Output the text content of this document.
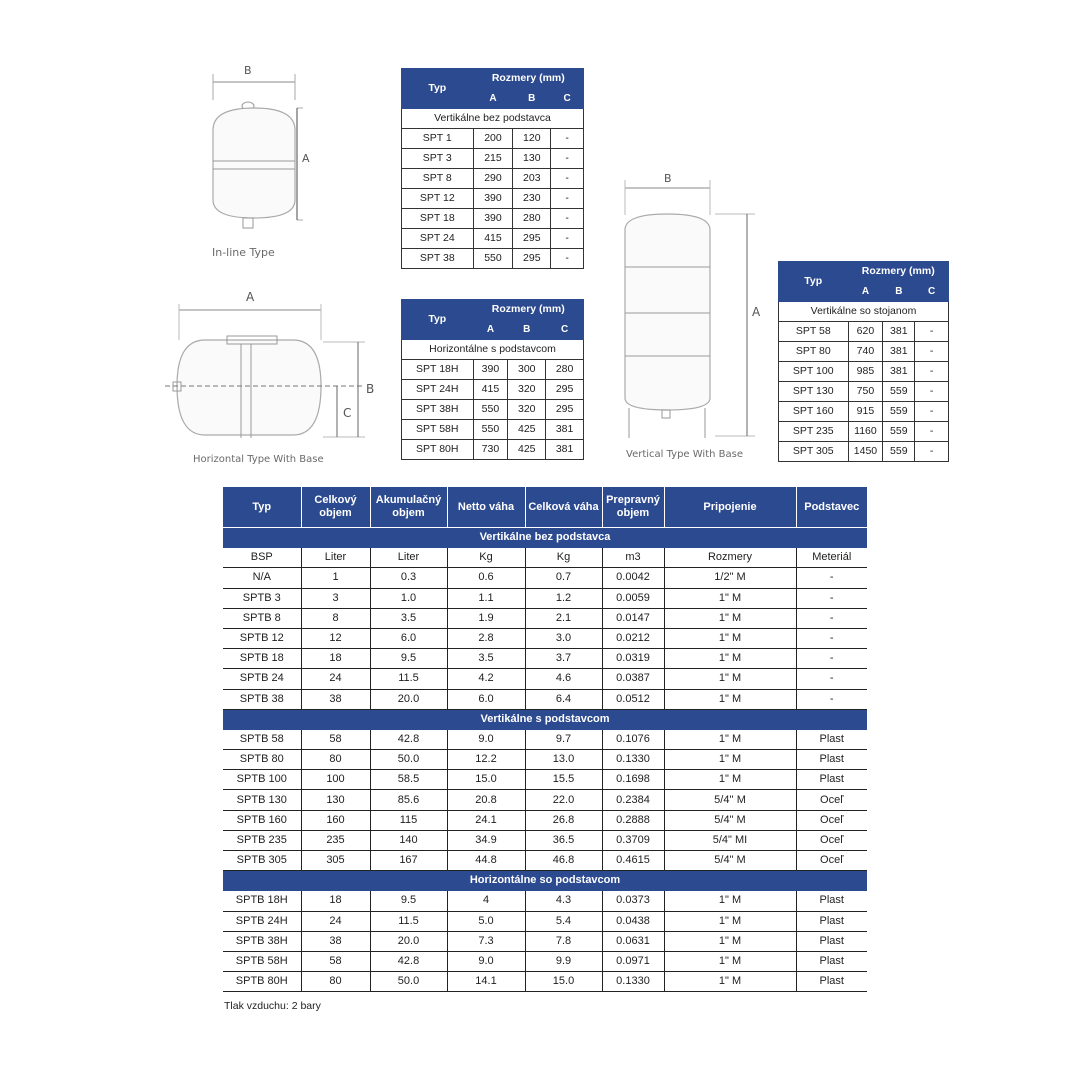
B
A
In-line Type
A
B
C
Horizontal Type With Base
B
A
Vertical Type With Base
Typ	Rozmery (mm)		
	A	B	C
Vertikálne bez podstavca			
SPT 1	200	120	-
SPT 3	215	130	-
SPT 8	290	203	-
SPT 12	390	230	-
SPT 18	390	280	-
SPT 24	415	295	-
SPT 38	550	295	-
Typ	Rozmery (mm)		
	A	B	C
Horizontálne s podstavcom			
SPT 18H	390	300	280
SPT 24H	415	320	295
SPT 38H	550	320	295
SPT 58H	550	425	381
SPT 80H	730	425	381
Typ	Rozmery (mm)		
	A	B	C
Vertikálne so stojanom			
SPT 58	620	381	-
SPT 80	740	381	-
SPT 100	985	381	-
SPT 130	750	559	-
SPT 160	915	559	-
SPT 235	1160	559	-
SPT 305	1450	559	-
Typ	Celkový objem	Akumulačný objem	Netto váha	Celková váha	Prepravný objem	Pripojenie	Podstavec
Vertikálne bez podstavca							
BSP	Liter	Liter	Kg	Kg	m3	Rozmery	Meteriál
N/A	1	0.3	0.6	0.7	0.0042	1/2" M	-
SPTB 3	3	1.0	1.1	1.2	0.0059	1" M	-
SPTB 8	8	3.5	1.9	2.1	0.0147	1" M	-
SPTB 12	12	6.0	2.8	3.0	0.0212	1" M	-
SPTB 18	18	9.5	3.5	3.7	0.0319	1" M	-
SPTB 24	24	11.5	4.2	4.6	0.0387	1" M	-
SPTB 38	38	20.0	6.0	6.4	0.0512	1" M	-
Vertikálne s podstavcom							
SPTB 58	58	42.8	9.0	9.7	0.1076	1" M	Plast
SPTB 80	80	50.0	12.2	13.0	0.1330	1" M	Plast
SPTB 100	100	58.5	15.0	15.5	0.1698	1" M	Plast
SPTB 130	130	85.6	20.8	22.0	0.2384	5/4'' M	Oceľ
SPTB 160	160	115	24.1	26.8	0.2888	5/4" M	Oceľ
SPTB 235	235	140	34.9	36.5	0.3709	5/4" MI	Oceľ
SPTB 305	305	167	44.8	46.8	0.4615	5/4" M	Oceľ
Horizontálne so podstavcom							
SPTB 18H	18	9.5	4	4.3	0.0373	1" M	Plast
SPTB 24H	24	11.5	5.0	5.4	0.0438	1" M	Plast
SPTB 38H	38	20.0	7.3	7.8	0.0631	1" M	Plast
SPTB 58H	58	42.8	9.0	9.9	0.0971	1" M	Plast
SPTB 80H	80	50.0	14.1	15.0	0.1330	1" M	Plast
Tlak vzduchu: 2 bary
